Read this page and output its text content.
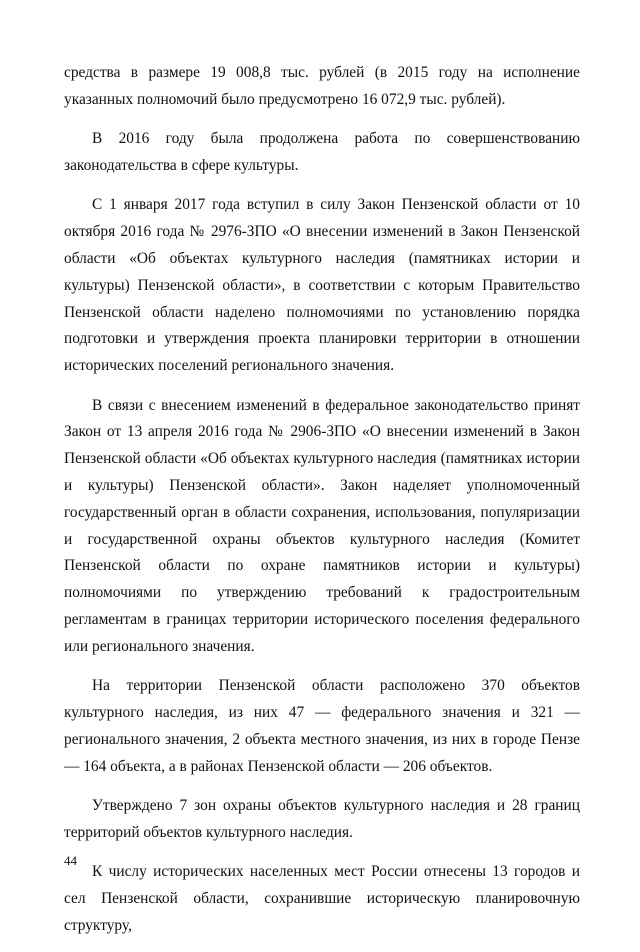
средства в размере 19 008,8 тыс. рублей (в 2015 году на исполнение указанных полномочий было предусмотрено 16 072,9 тыс. рублей).

В 2016 году была продолжена работа по совершенствованию законодательства в сфере культуры.

С 1 января 2017 года вступил в силу Закон Пензенской области от 10 октября 2016 года № 2976-ЗПО «О внесении изменений в Закон Пензенской области «Об объектах культурного наследия (памятниках истории и культуры) Пензенской области», в соответствии с которым Правительство Пензенской области наделено полномочиями по установлению порядка подготовки и утверждения проекта планировки территории в отношении исторических поселений регионального значения.

В связи с внесением изменений в федеральное законодательство принят Закон от 13 апреля 2016 года № 2906-ЗПО «О внесении изменений в Закон Пензенской области «Об объектах культурного наследия (памятниках истории и культуры) Пензенской области». Закон наделяет уполномоченный государственный орган в области сохранения, использования, популяризации и государственной охраны объектов культурного наследия (Комитет Пензенской области по охране памятников истории и культуры) полномочиями по утверждению требований к градостроительным регламентам в границах территории исторического поселения федерального или регионального значения.

На территории Пензенской области расположено 370 объектов культурного наследия, из них 47 — федерального значения и 321 — регионального значения, 2 объекта местного значения, из них в городе Пензе — 164 объекта, а в районах Пензенской области — 206 объектов.

Утверждено 7 зон охраны объектов культурного наследия и 28 границ территорий объектов культурного наследия.

К числу исторических населенных мест России отнесены 13 городов и сел Пензенской области, сохранившие историческую планировочную структуру,

44
